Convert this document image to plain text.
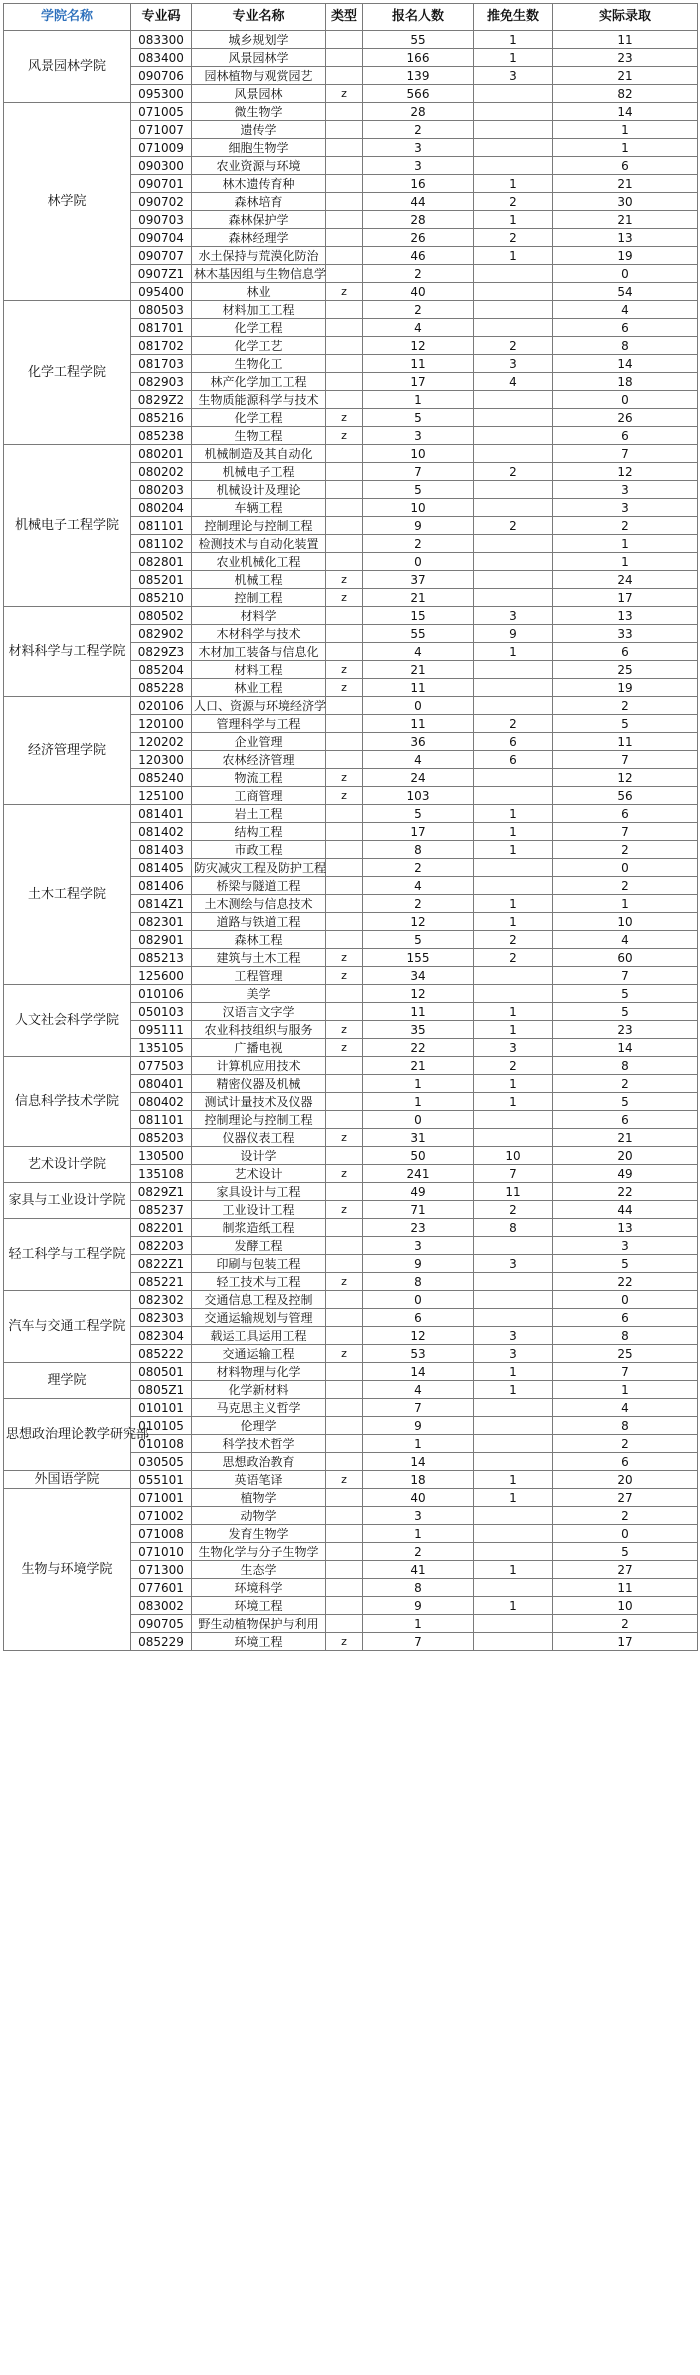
学院名称	专业码	专业名称	类型	报名人数	推免生数	实际录取
风景园林学院	083300	城乡规划学		55	1	11
	083400	风景园林学		166	1	23
	090706	园林植物与观赏园艺		139	3	21
	095300	风景园林	z	566		82
林学院	071005	微生物学		28		14
	071007	遗传学		2		1
	071009	细胞生物学		3		1
	090300	农业资源与环境		3		6
	090701	林木遗传育种		16	1	21
	090702	森林培育		44	2	30
	090703	森林保护学		28	1	21
	090704	森林经理学		26	2	13
	090707	水土保持与荒漠化防治		46	1	19
	0907Z1	林木基因组与生物信息学		2		0
	095400	林业	z	40		54
化学工程学院	080503	材料加工工程		2		4
	081701	化学工程		4		6
	081702	化学工艺		12	2	8
	081703	生物化工		11	3	14
	082903	林产化学加工工程		17	4	18
	0829Z2	生物质能源科学与技术		1		0
	085216	化学工程	z	5		26
	085238	生物工程	z	3		6
机械电子工程学院	080201	机械制造及其自动化		10		7
	080202	机械电子工程		7	2	12
	080203	机械设计及理论		5		3
	080204	车辆工程		10		3
	081101	控制理论与控制工程		9	2	2
	081102	检测技术与自动化装置		2		1
	082801	农业机械化工程		0		1
	085201	机械工程	z	37		24
	085210	控制工程	z	21		17
材料科学与工程学院	080502	材料学		15	3	13
	082902	木材科学与技术		55	9	33
	0829Z3	木材加工装备与信息化		4	1	6
	085204	材料工程	z	21		25
	085228	林业工程	z	11		19
经济管理学院	020106	人口、资源与环境经济学		0		2
	120100	管理科学与工程		11	2	5
	120202	企业管理		36	6	11
	120300	农林经济管理		4	6	7
	085240	物流工程	z	24		12
	125100	工商管理	z	103		56
土木工程学院	081401	岩土工程		5	1	6
	081402	结构工程		17	1	7
	081403	市政工程		8	1	2
	081405	防灾减灾工程及防护工程		2		0
	081406	桥梁与隧道工程		4		2
	0814Z1	土木测绘与信息技术		2	1	1
	082301	道路与铁道工程		12	1	10
	082901	森林工程		5	2	4
	085213	建筑与土木工程	z	155	2	60
	125600	工程管理	z	34		7
人文社会科学学院	010106	美学		12		5
	050103	汉语言文字学		11	1	5
	095111	农业科技组织与服务	z	35	1	23
	135105	广播电视	z	22	3	14
信息科学技术学院	077503	计算机应用技术		21	2	8
	080401	精密仪器及机械		1	1	2
	080402	测试计量技术及仪器		1	1	5
	081101	控制理论与控制工程		0		6
	085203	仪器仪表工程	z	31		21
艺术设计学院	130500	设计学		50	10	20
	135108	艺术设计	z	241	7	49
家具与工业设计学院	0829Z1	家具设计与工程		49	11	22
	085237	工业设计工程	z	71	2	44
轻工科学与工程学院	082201	制浆造纸工程		23	8	13
	082203	发酵工程		3		3
	0822Z1	印刷与包装工程		9	3	5
	085221	轻工技术与工程	z	8		22
汽车与交通工程学院	082302	交通信息工程及控制		0		0
	082303	交通运输规划与管理		6		6
	082304	载运工具运用工程		12	3	8
	085222	交通运输工程	z	53	3	25
理学院	080501	材料物理与化学		14	1	7
	0805Z1	化学新材料		4	1	1
思想政治理论教学研究部	010101	马克思主义哲学		7		4
	010105	伦理学		9		8
	010108	科学技术哲学		1		2
	030505	思想政治教育		14		6
外国语学院	055101	英语笔译	z	18	1	20
生物与环境学院	071001	植物学		40	1	27
	071002	动物学		3		2
	071008	发育生物学		1		0
	071010	生物化学与分子生物学		2		5
	071300	生态学		41	1	27
	077601	环境科学		8		11
	083002	环境工程		9	1	10
	090705	野生动植物保护与利用		1		2
	085229	环境工程	z	7		17
